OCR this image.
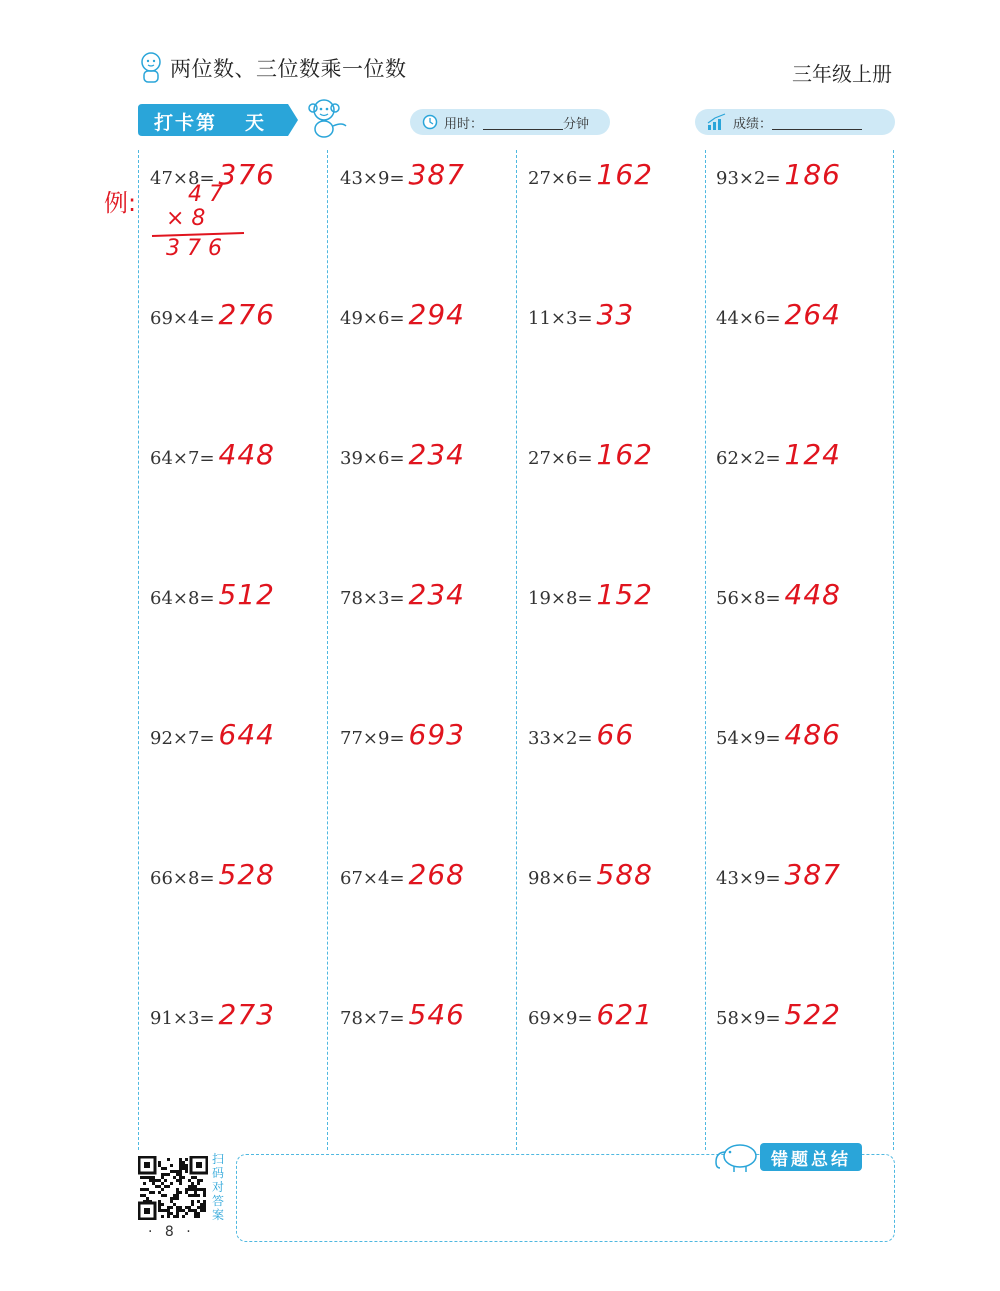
两位数、三位数乘一位数	三年级上册
打卡第 天	用时：	分钟	成绩：
47×8= 376
69×4= 276
64×7= 448
64×8= 512
92×7= 644
66×8= 528
91×3= 273
43×9= 387
49×6= 294
39×6= 234
78×3= 234
77×9= 693
67×4= 268
78×7= 546
27×6= 162
11×3= 33
27×6= 162
19×8= 152
33×2= 66
98×6= 588
69×9= 621
93×2= 186
44×6= 264
62×2= 124
56×8= 448
54×9= 486
43×9= 387
58×9= 522
例: 4 7
× 8
3 7 6
错题总结
扫码对答案
· 8 ·
